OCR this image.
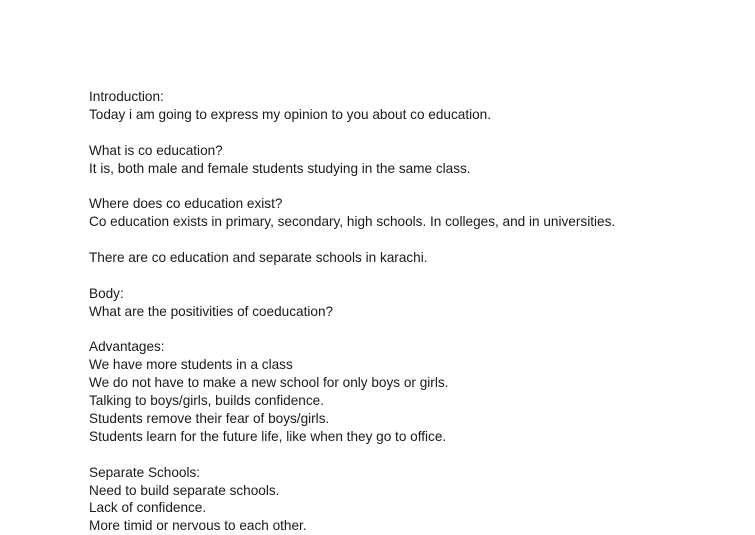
Introduction:
Today i am going to express my opinion to you about co education.
What is co education?
It is, both male and female students studying in the same class.
Where does co education exist?
Co education exists in primary, secondary, high schools. In colleges, and in universities.
There are co education and separate schools in karachi.
Body:
What are the positivities of coeducation?
Advantages:
We have more students in a class
We do not have to make a new school for only boys or girls.
Talking to boys/girls, builds confidence.
Students remove their fear of boys/girls.
Students learn for the future life, like when they go to office.
Separate Schools:
Need to build separate schools.
Lack of confidence.
More timid or nervous to each other.
